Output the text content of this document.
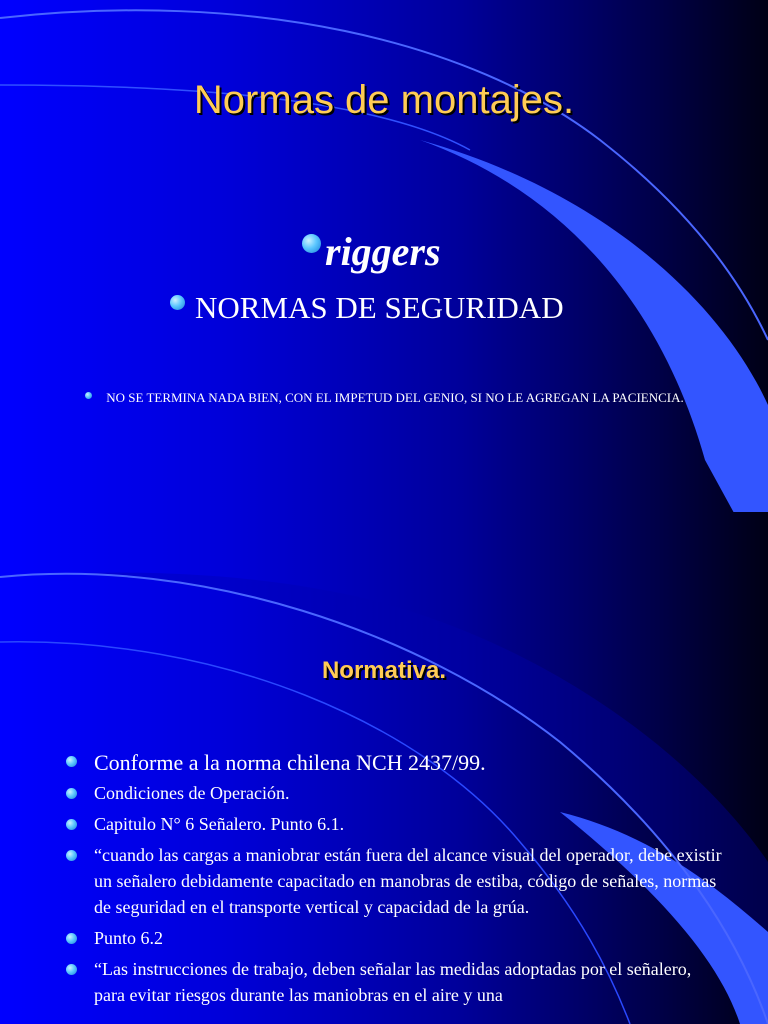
Normas de montajes.
riggers
NORMAS DE SEGURIDAD
NO SE TERMINA NADA BIEN, CON EL IMPETUD DEL GENIO, SI NO LE AGREGAN LA PACIENCIA.
Normativa.
Conforme a la norma chilena NCH 2437/99.
Condiciones de Operación.
Capitulo N° 6 Señalero. Punto 6.1.
“cuando las cargas a maniobrar están fuera del alcance visual del operador, debe existir un señalero debidamente capacitado en manobras de estiba, código de señales, normas de seguridad en el transporte vertical y capacidad de la grúa.
Punto 6.2
“Las instrucciones de trabajo, deben señalar las medidas adoptadas por el señalero, para evitar riesgos durante las maniobras en el aire y una
